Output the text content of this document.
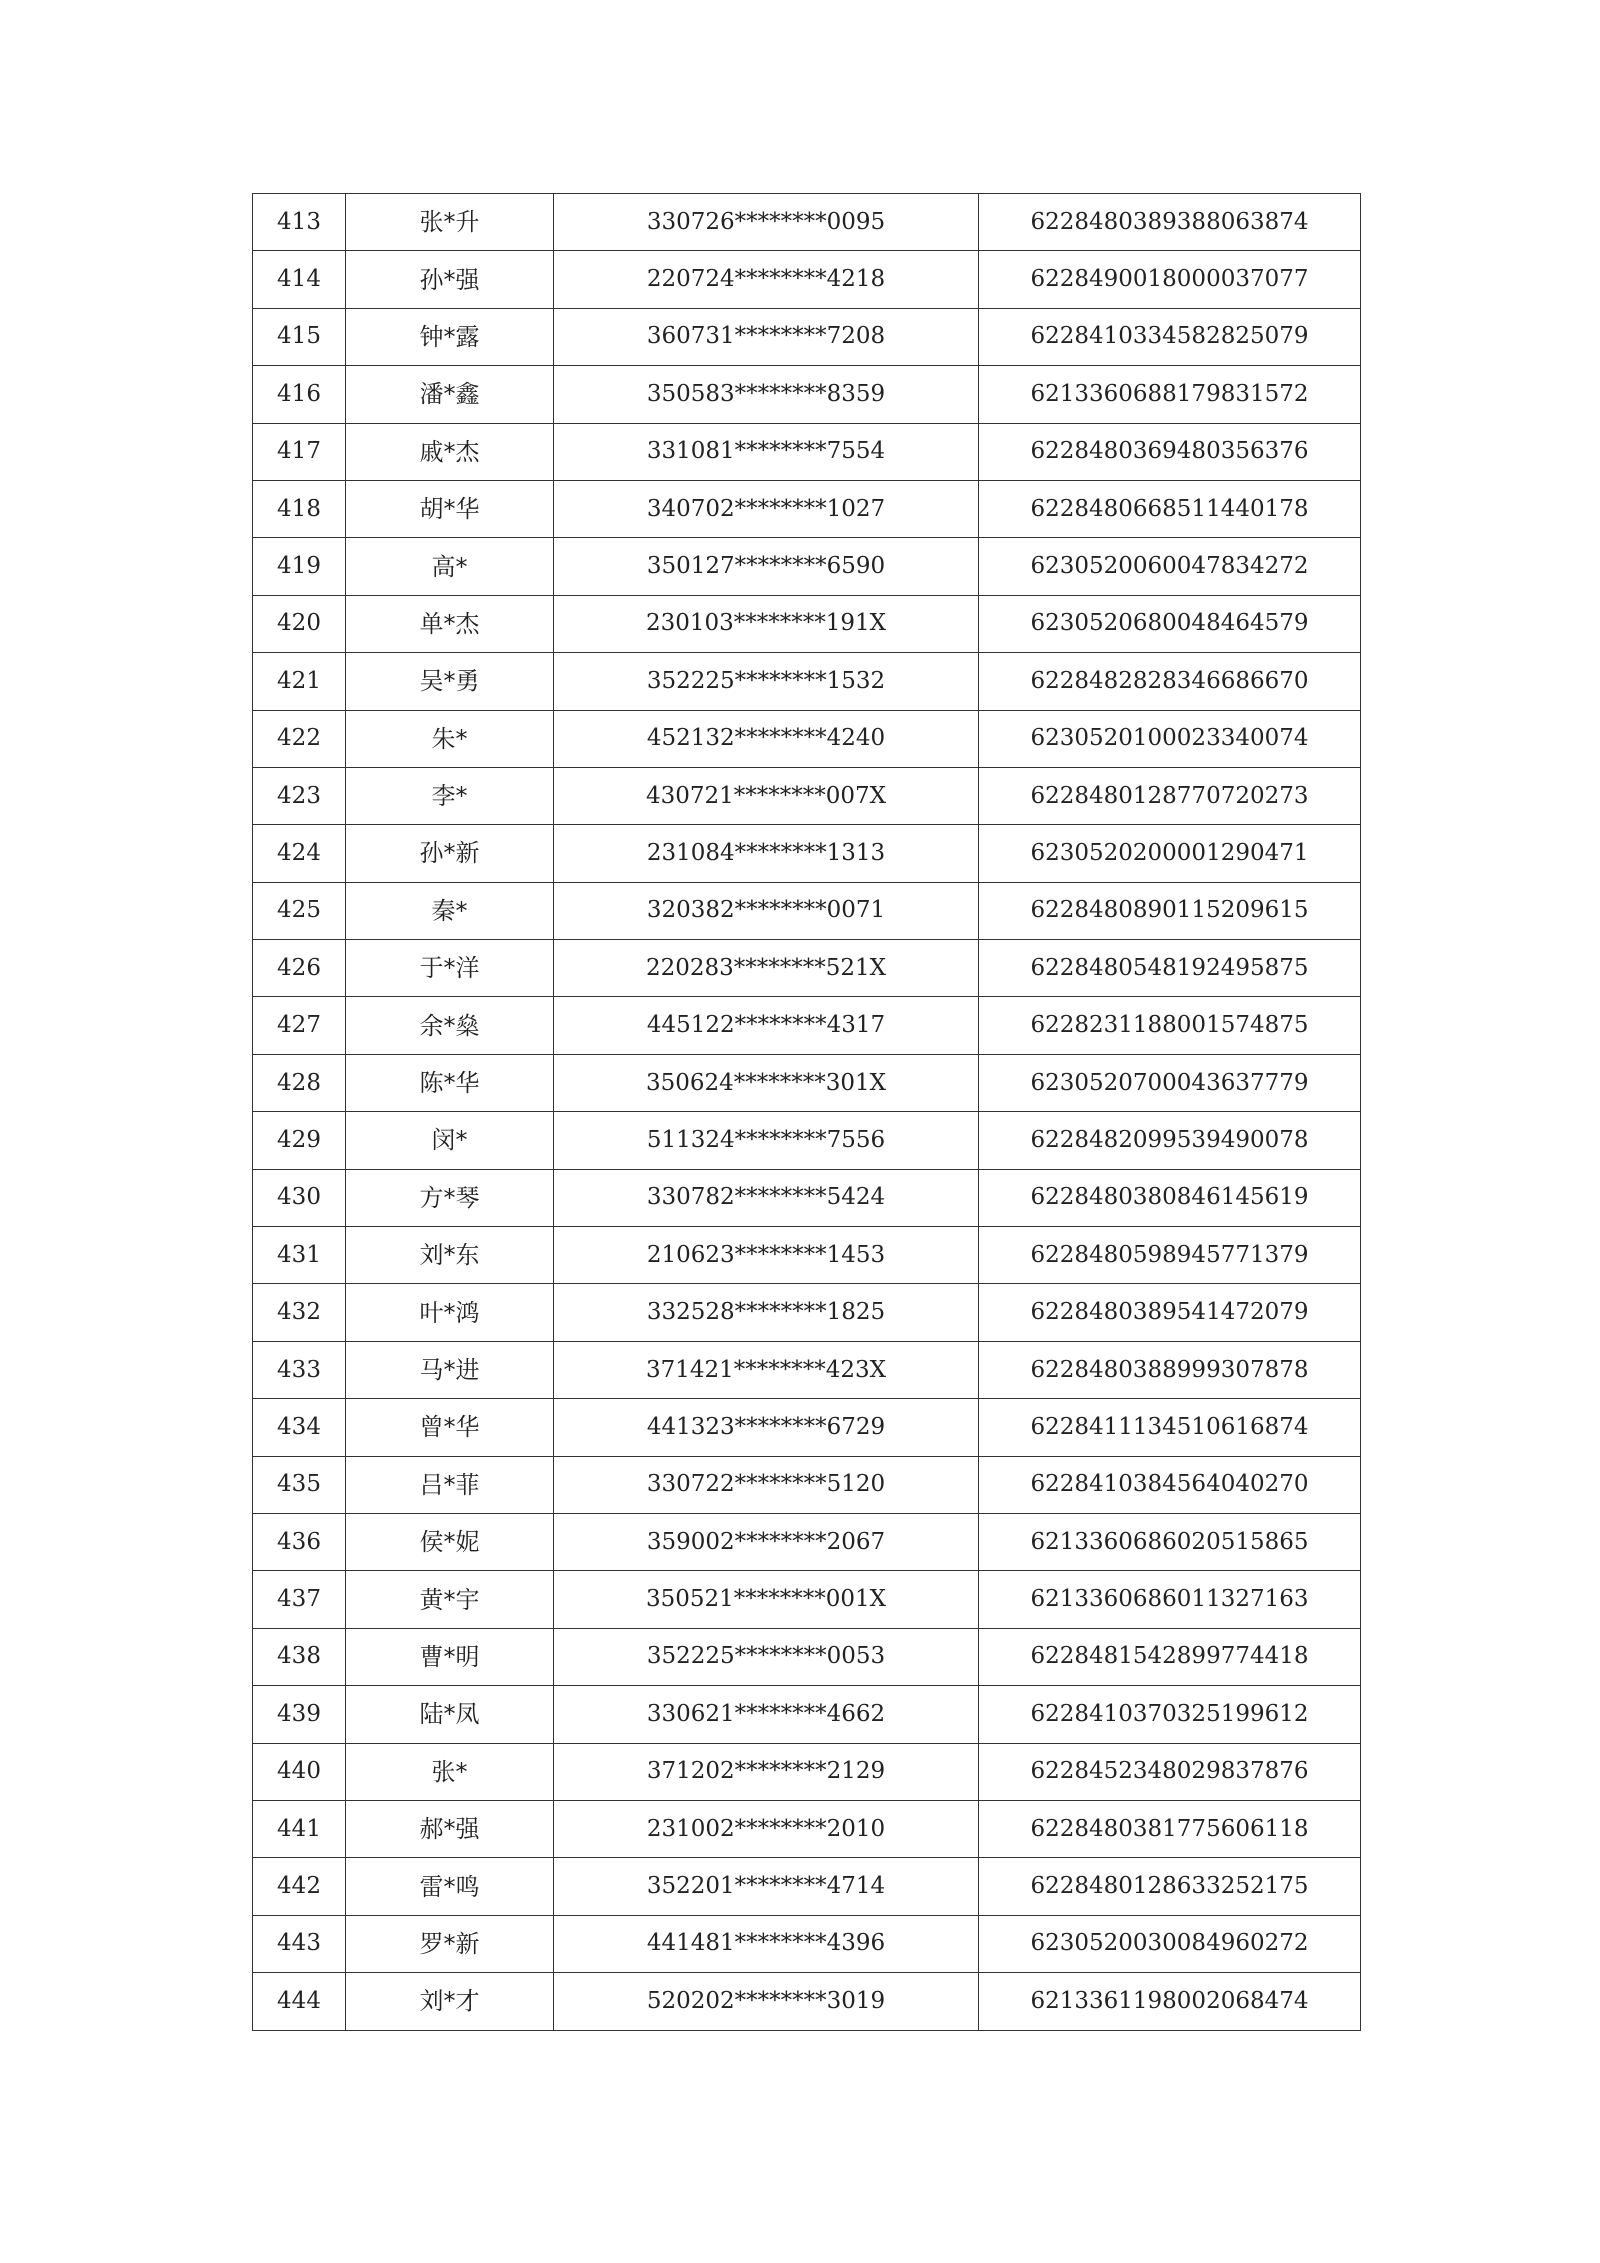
413	张*升	330726********0095	6228480389388063874
414	孙*强	220724********4218	6228490018000037077
415	钟*露	360731********7208	6228410334582825079
416	潘*鑫	350583********8359	6213360688179831572
417	戚*杰	331081********7554	6228480369480356376
418	胡*华	340702********1027	6228480668511440178
419	高*	350127********6590	6230520060047834272
420	单*杰	230103********191X	6230520680048464579
421	吴*勇	352225********1532	6228482828346686670
422	朱*	452132********4240	6230520100023340074
423	李*	430721********007X	6228480128770720273
424	孙*新	231084********1313	6230520200001290471
425	秦*	320382********0071	6228480890115209615
426	于*洋	220283********521X	6228480548192495875
427	余*燊	445122********4317	6228231188001574875
428	陈*华	350624********301X	6230520700043637779
429	闵*	511324********7556	6228482099539490078
430	方*琴	330782********5424	6228480380846145619
431	刘*东	210623********1453	6228480598945771379
432	叶*鸿	332528********1825	6228480389541472079
433	马*进	371421********423X	6228480388999307878
434	曾*华	441323********6729	6228411134510616874
435	吕*菲	330722********5120	6228410384564040270
436	侯*妮	359002********2067	6213360686020515865
437	黄*宇	350521********001X	6213360686011327163
438	曹*明	352225********0053	6228481542899774418
439	陆*凤	330621********4662	6228410370325199612
440	张*	371202********2129	6228452348029837876
441	郝*强	231002********2010	6228480381775606118
442	雷*鸣	352201********4714	6228480128633252175
443	罗*新	441481********4396	6230520030084960272
444	刘*才	520202********3019	6213361198002068474
